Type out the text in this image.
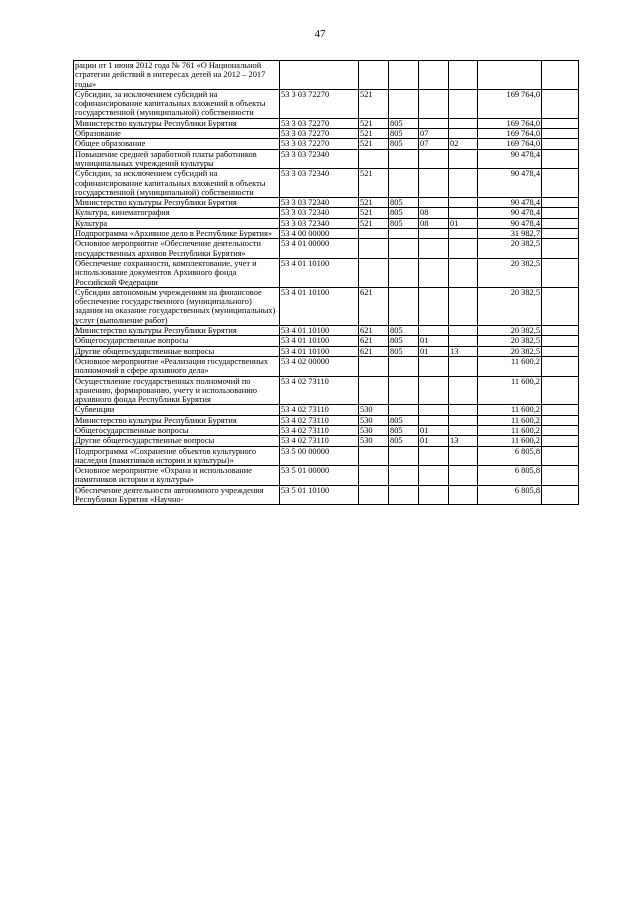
47
рации от 1 июня 2012 года № 761 «О Национальной стратегии действий в интересах детей на 2012 – 2017 годы»							
Субсидии, за исключением субсидий на софинансирование капитальных вложений в объекты государственной (муниципальной) собственности	53 3 03 72270	521				169 764,0	
Министерство культуры Республики Бурятия	53 3 03 72270	521	805			169 764,0	
Образование	53 3 03 72270	521	805	07		169 764,0	
Общее образование	53 3 03 72270	521	805	07	02	169 764,0	
Повышение средней заработной платы работников муниципальных учреждений культуры	53 3 03 72340					90 478,4	
Субсидии, за исключением субсидий на софинансирование капитальных вложений в объекты государственной (муниципальной) собственности	53 3 03 72340	521				90 478,4	
Министерство культуры Республики Бурятия	53 3 03 72340	521	805			90 478,4	
Культура, кинематография	53 3 03 72340	521	805	08		90 478,4	
Культура	53 3 03 72340	521	805	08	01	90 478,4	
Подпрограмма «Архивное дело в Республике Бурятия»	53 4 00 00000					31 982,7	
Основное мероприятие «Обеспечение деятельности государственных архивов Республики Бурятия»	53 4 01 00000					20 382,5	
Обеспечение сохранности, комплектование, учет и использование документов Архивного фонда Российской Федерации	53 4 01 10100					20 382,5	
Субсидии автономным учреждениям на финансовое обеспечение государственного (муниципального) задания на оказание государственных (муниципальных) услуг (выполнение работ)	53 4 01 10100	621				20 382,5	
Министерство культуры Республики Бурятия	53 4 01 10100	621	805			20 382,5	
Общегосударственные вопросы	53 4 01 10100	621	805	01		20 382,5	
Другие общегосударственные вопросы	53 4 01 10100	621	805	01	13	20 382,5	
Основное мероприятие «Реализация государственных полномочий в сфере архивного дела»	53 4 02 00000					11 600,2	
Осуществление государственных полномочий по хранению, формированию, учету и использованию архивного фонда Республики Бурятия	53 4 02 73110					11 600,2	
Субвенции	53 4 02 73110	530				11 600,2	
Министерство культуры Республики Бурятия	53 4 02 73110	530	805			11 600,2	
Общегосударственные вопросы	53 4 02 73110	530	805	01		11 600,2	
Другие общегосударственные вопросы	53 4 02 73110	530	805	01	13	11 600,2	
Подпрограмма «Сохранение объектов культурного наследия (памятников истории и культуры)»	53 5 00 00000					6 805,8	
Основное мероприятие «Охрана и использование памятников истории и культуры»	53 5 01 00000					6 805,8	
Обеспечение деятельности автономного учреждения Республики Бурятия «Научно-	53 5 01 10100					6 805,8	
